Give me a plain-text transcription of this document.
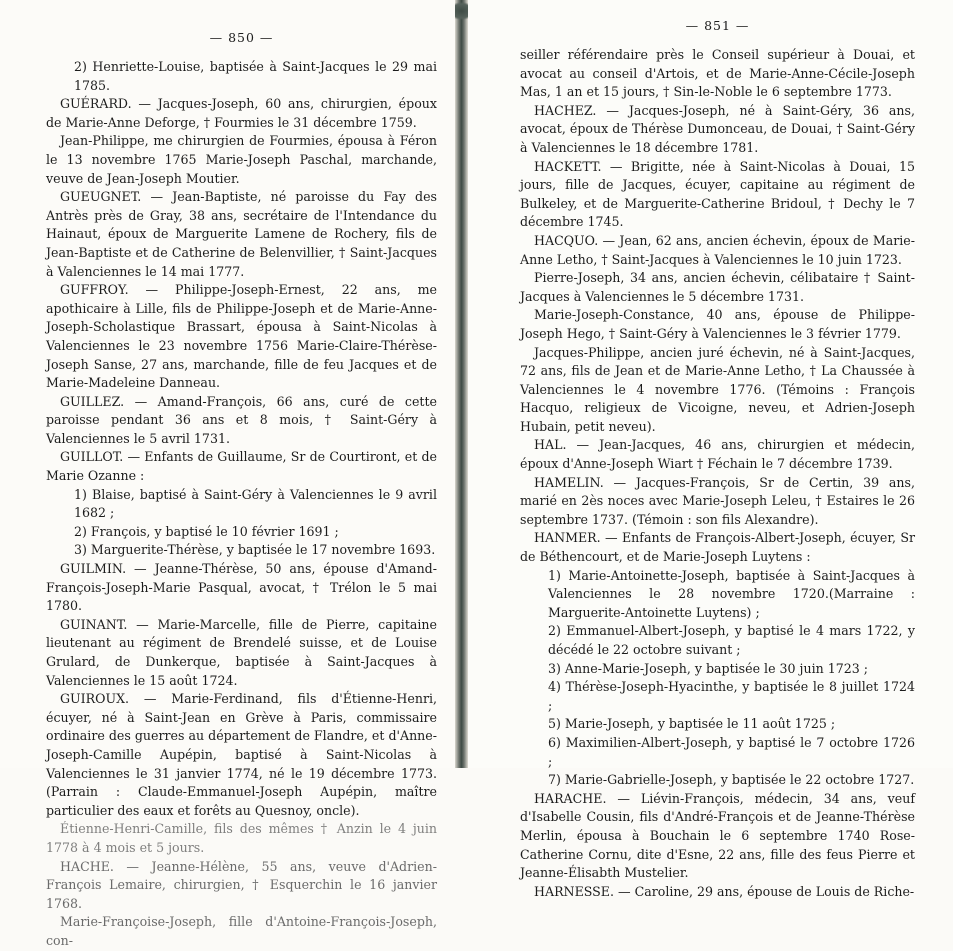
— 850 —

2) Henriette-Louise, baptisée à Saint-Jacques le 29 mai 1785.

GUÉRARD. — Jacques-Joseph, 60 ans, chirurgien, époux de Marie-Anne Deforge, † Fourmies le 31 décembre 1759.

Jean-Philippe, me chirurgien de Fourmies, épousa à Féron le 13 novembre 1765 Marie-Joseph Paschal, marchande, veuve de Jean-Joseph Moutier.

GUEUGNET. — Jean-Baptiste, né paroisse du Fay des Antrès près de Gray, 38 ans, secrétaire de l'Intendance du Hainaut, époux de Marguerite Lamene de Rochery, fils de Jean-Baptiste et de Catherine de Belenvillier, † Saint-Jacques à Valenciennes le 14 mai 1777.

GUFFROY. — Philippe-Joseph-Ernest, 22 ans, me apothicaire à Lille, fils de Philippe-Joseph et de Marie-Anne-Joseph-Scholastique Brassart, épousa à Saint-Nicolas à Valenciennes le 23 novembre 1756 Marie-Claire-Thérèse-Joseph Sanse, 27 ans, marchande, fille de feu Jacques et de Marie-Madeleine Danneau.

GUILLEZ. — Amand-François, 66 ans, curé de cette paroisse pendant 36 ans et 8 mois, † Saint-Géry à Valenciennes le 5 avril 1731.

GUILLOT. — Enfants de Guillaume, Sr de Courtiront, et de Marie Ozanne :

1) Blaise, baptisé à Saint-Géry à Valenciennes le 9 avril 1682 ;

2) François, y baptisé le 10 février 1691 ;

3) Marguerite-Thérèse, y baptisée le 17 novembre 1693.

GUILMIN. — Jeanne-Thérèse, 50 ans, épouse d'Amand-François-Joseph-Marie Pasqual, avocat, † Trélon le 5 mai 1780.

GUINANT. — Marie-Marcelle, fille de Pierre, capitaine lieutenant au régiment de Brendelé suisse, et de Louise Grulard, de Dunkerque, baptisée à Saint-Jacques à Valenciennes le 15 août 1724.

GUIROUX. — Marie-Ferdinand, fils d'Étienne-Henri, écuyer, né à Saint-Jean en Grève à Paris, commissaire ordinaire des guerres au département de Flandre, et d'Anne-Joseph-Camille Aupépin, baptisé à Saint-Nicolas à Valenciennes le 31 janvier 1774, né le 19 décembre 1773. (Parrain : Claude-Emmanuel-Joseph Aupépin, maître particulier des eaux et forêts au Quesnoy, oncle).

Étienne-Henri-Camille, fils des mêmes † Anzin le 4 juin 1778 à 4 mois et 5 jours.

HACHE. — Jeanne-Hélène, 55 ans, veuve d'Adrien-François Lemaire, chirurgien, † Esquerchin le 16 janvier 1768.

Marie-Françoise-Joseph, fille d'Antoine-François-Joseph, con-

— 851 —

seiller référendaire près le Conseil supérieur à Douai, et avocat au conseil d'Artois, et de Marie-Anne-Cécile-Joseph Mas, 1 an et 15 jours, † Sin-le-Noble le 6 septembre 1773.

HACHEZ. — Jacques-Joseph, né à Saint-Géry, 36 ans, avocat, époux de Thérèse Dumonceau, de Douai, † Saint-Géry à Valenciennes le 18 décembre 1781.

HACKETT. — Brigitte, née à Saint-Nicolas à Douai, 15 jours, fille de Jacques, écuyer, capitaine au régiment de Bulkeley, et de Marguerite-Catherine Bridoul, † Dechy le 7 décembre 1745.

HACQUO. — Jean, 62 ans, ancien échevin, époux de Marie-Anne Letho, † Saint-Jacques à Valenciennes le 10 juin 1723.

Pierre-Joseph, 34 ans, ancien échevin, célibataire † Saint-Jacques à Valenciennes le 5 décembre 1731.

Marie-Joseph-Constance, 40 ans, épouse de Philippe-Joseph Hego, † Saint-Géry à Valenciennes le 3 février 1779.

Jacques-Philippe, ancien juré échevin, né à Saint-Jacques, 72 ans, fils de Jean et de Marie-Anne Letho, † La Chaussée à Valenciennes le 4 novembre 1776. (Témoins : François Hacquo, religieux de Vicoigne, neveu, et Adrien-Joseph Hubain, petit neveu).

HAL. — Jean-Jacques, 46 ans, chirurgien et médecin, époux d'Anne-Joseph Wiart † Féchain le 7 décembre 1739.

HAMELIN. — Jacques-François, Sr de Certin, 39 ans, marié en 2ès noces avec Marie-Joseph Leleu, † Estaires le 26 septembre 1737. (Témoin : son fils Alexandre).

HANMER. — Enfants de François-Albert-Joseph, écuyer, Sr de Béthencourt, et de Marie-Joseph Luytens :

1) Marie-Antoinette-Joseph, baptisée à Saint-Jacques à Valenciennes le 28 novembre 1720.(Marraine : Marguerite-Antoinette Luytens) ;

2) Emmanuel-Albert-Joseph, y baptisé le 4 mars 1722, y décédé le 22 octobre suivant ;

3) Anne-Marie-Joseph, y baptisée le 30 juin 1723 ;

4) Thérèse-Joseph-Hyacinthe, y baptisée le 8 juillet 1724 ;

5) Marie-Joseph, y baptisée le 11 août 1725 ;

6) Maximilien-Albert-Joseph, y baptisé le 7 octobre 1726 ;

7) Marie-Gabrielle-Joseph, y baptisée le 22 octobre 1727.

HARACHE. — Liévin-François, médecin, 34 ans, veuf d'Isabelle Cousin, fils d'André-François et de Jeanne-Thérèse Merlin, épousa à Bouchain le 6 septembre 1740 Rose-Catherine Cornu, dite d'Esne, 22 ans, fille des feus Pierre et Jeanne-Élisabth Mustelier.

HARNESSE. — Caroline, 29 ans, épouse de Louis de Riche-
